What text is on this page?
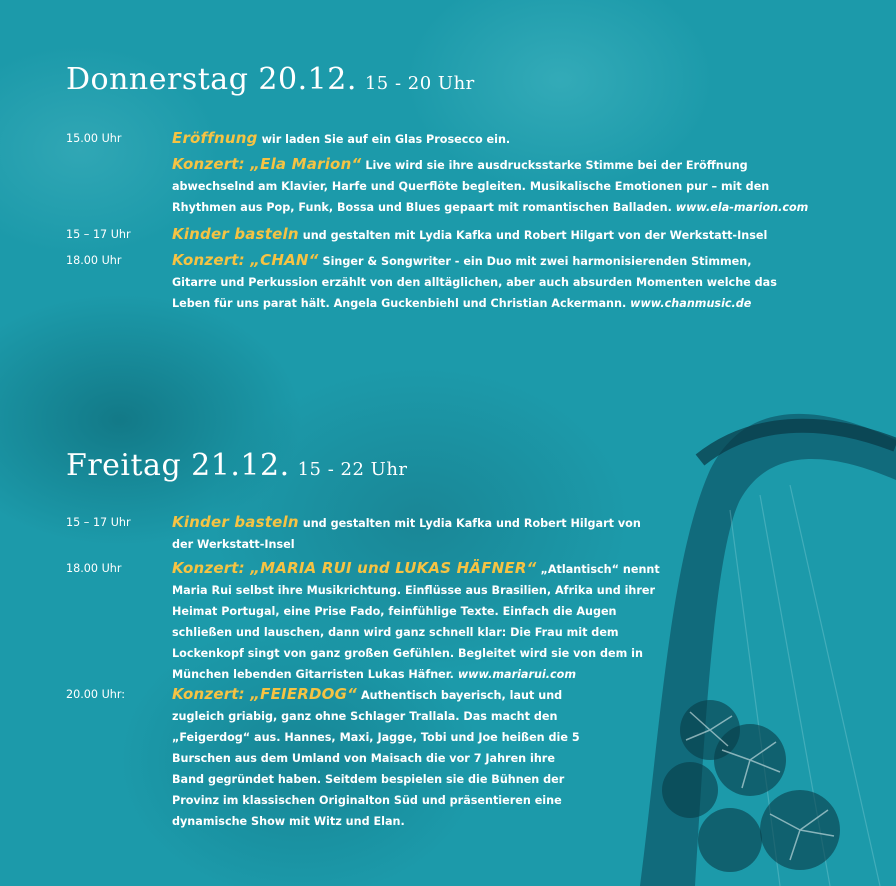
Donnerstag 20.12. 15 - 20 Uhr
15.00 Uhr	Eröffnung wir laden Sie auf ein Glas Prosecco ein.
Konzert: „Ela Marion“ Live wird sie ihre ausdrucksstarke Stimme bei der Eröffnung abwechselnd am Klavier, Harfe und Querflöte begleiten. Musikalische Emotionen pur – mit den Rhythmen aus Pop, Funk, Bossa und Blues gepaart mit romantischen Balladen. www.ela-marion.com
15 – 17 Uhr	Kinder basteln und gestalten mit Lydia Kafka und Robert Hilgart von der Werkstatt-Insel
18.00 Uhr	Konzert: „CHAN“ Singer & Songwriter - ein Duo mit zwei harmonisierenden Stimmen, Gitarre und Perkussion erzählt von den alltäglichen, aber auch absurden Momenten welche das Leben für uns parat hält. Angela Guckenbiehl und Christian Ackermann. www.chanmusic.de
Freitag 21.12. 15 - 22 Uhr
15 – 17 Uhr	Kinder basteln und gestalten mit Lydia Kafka und Robert Hilgart von der Werkstatt-Insel
18.00 Uhr	Konzert: „MARIA RUI und LUKAS HÄFNER“ „Atlantisch“ nennt Maria Rui selbst ihre Musikrichtung. Einflüsse aus Brasilien, Afrika und ihrer Heimat Portugal, eine Prise Fado, feinfühlige Texte. Einfach die Augen schließen und lauschen, dann wird ganz schnell klar: Die Frau mit dem Lockenkopf singt von ganz großen Gefühlen. Begleitet wird sie von dem in München lebenden Gitarristen Lukas Häfner. www.mariarui.com
20.00 Uhr:	Konzert: „FEIERDOG“ Authentisch bayerisch, laut und zugleich griabig, ganz ohne Schlager Trallala. Das macht den „Feigerdog“ aus. Hannes, Maxi, Jagge, Tobi und Joe heißen die 5 Burschen aus dem Umland von Maisach die vor 7 Jahren ihre Band gegründet haben. Seitdem bespielen sie die Bühnen der Provinz im klassischen Originalton Süd und präsentieren eine dynamische Show mit Witz und Elan.
